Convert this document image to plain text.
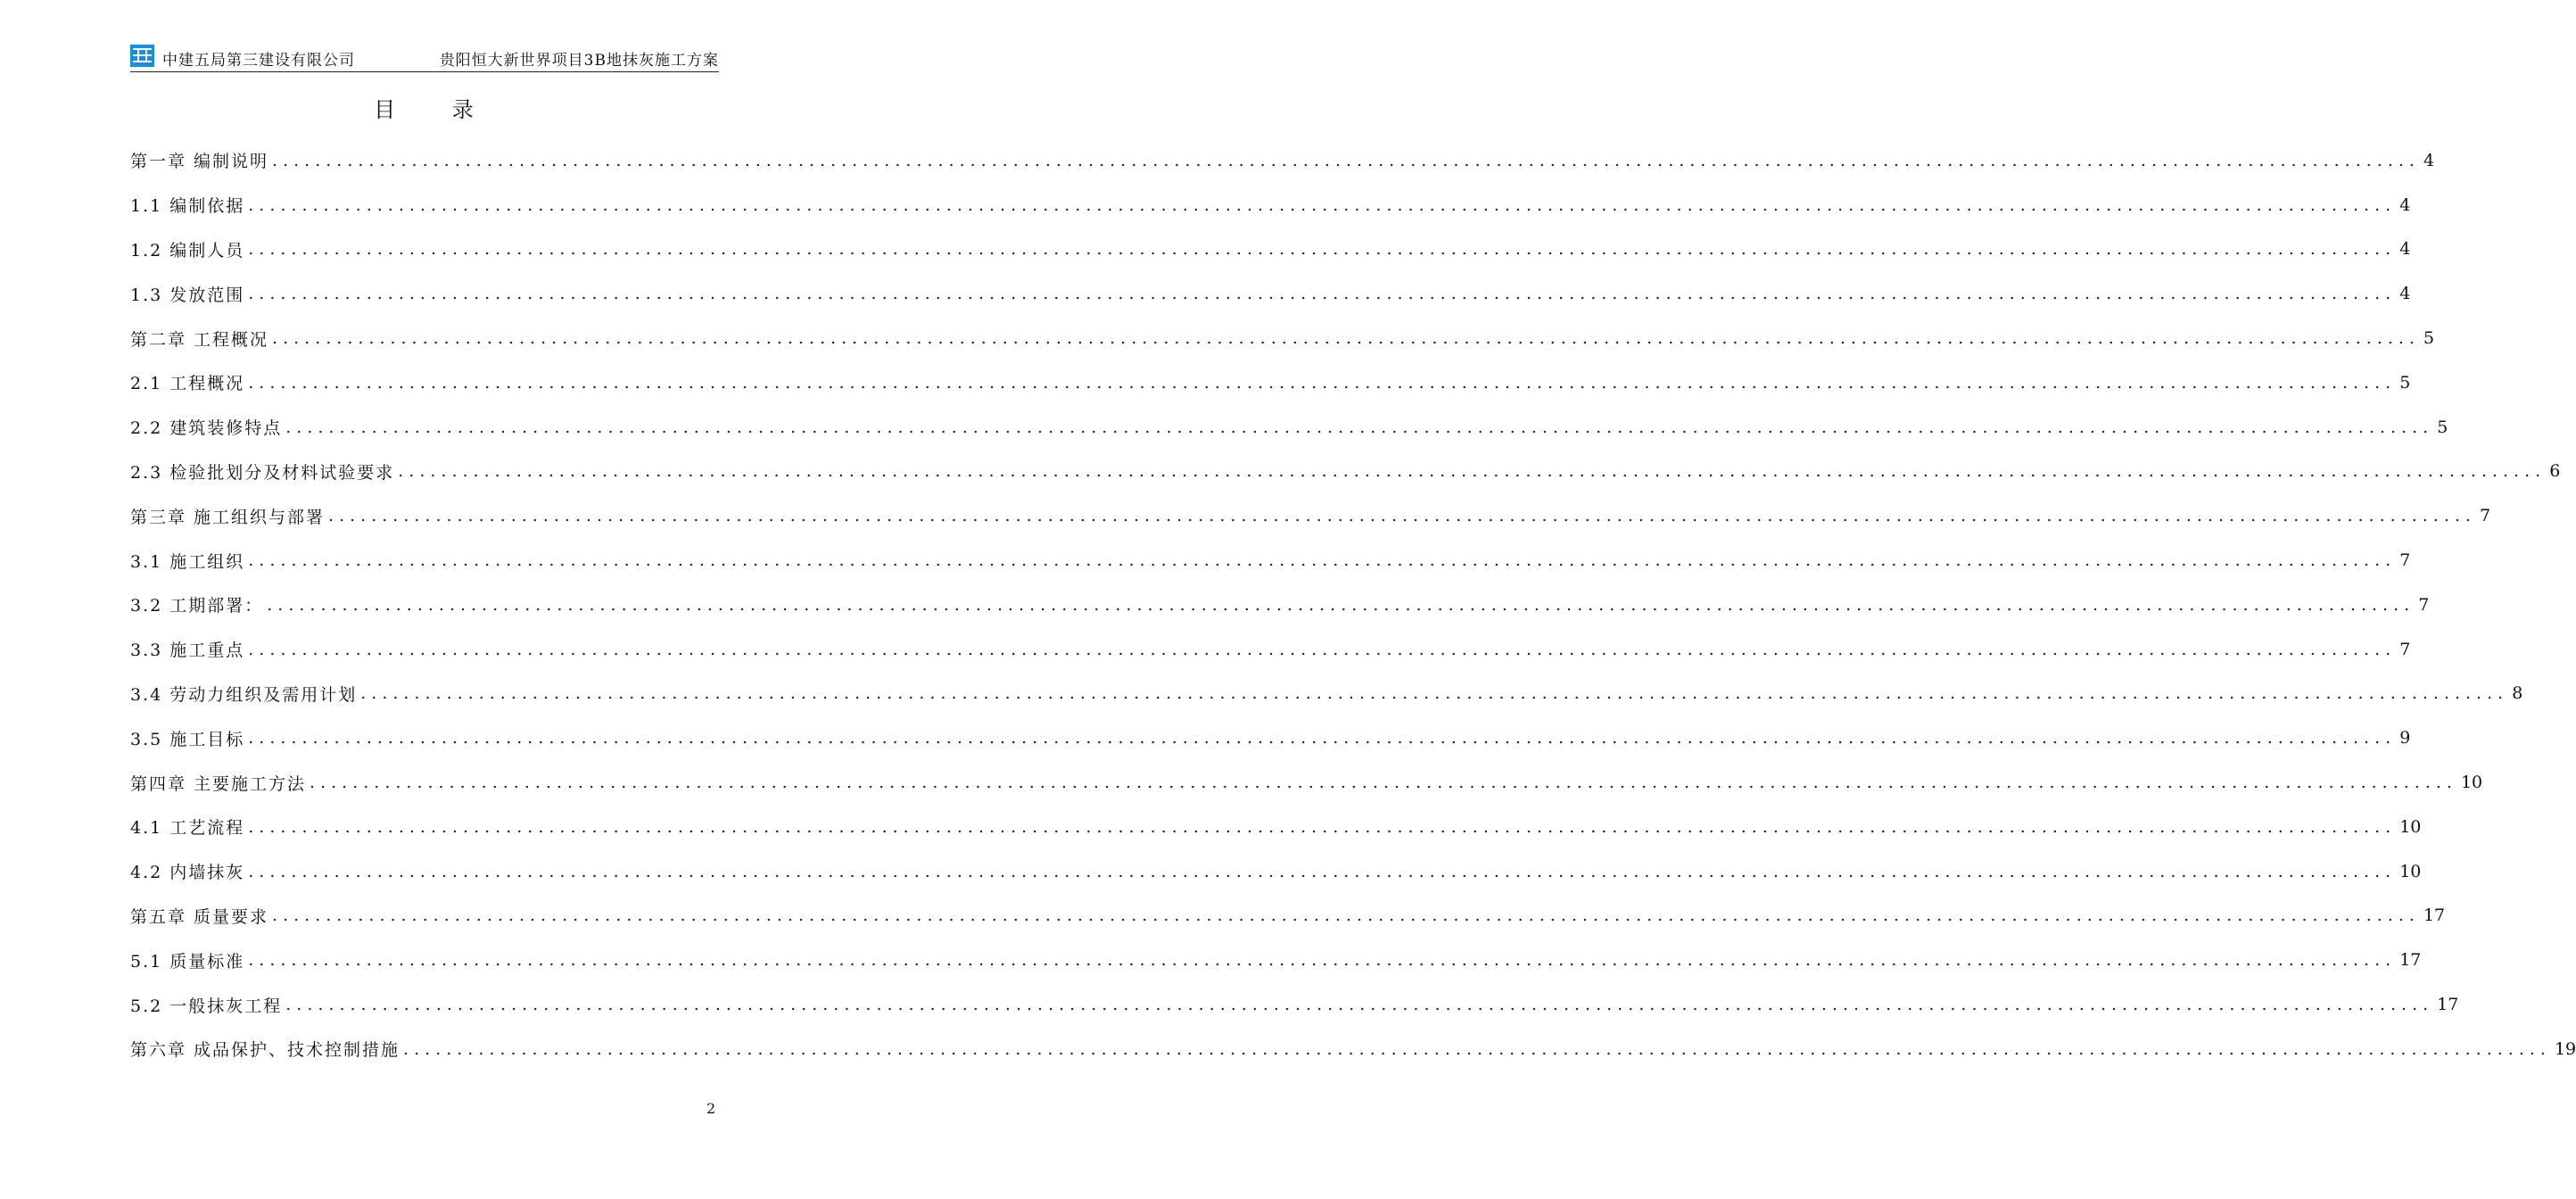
中建五局第三建设有限公司	贵阳恒大新世界项目3B地抹灰施工方案
目 录
第一章 编制说明 ........................................................................................................................................................................................................ 4
1.1 编制依据 ........................................................................................................................................................................................................ 4
1.2 编制人员 ........................................................................................................................................................................................................ 4
1.3 发放范围 ........................................................................................................................................................................................................ 4
第二章 工程概况 ........................................................................................................................................................................................................ 5
2.1 工程概况 ........................................................................................................................................................................................................ 5
2.2 建筑装修特点 ........................................................................................................................................................................................................ 5
2.3 检验批划分及材料试验要求 ........................................................................................................................................................................................................ 6
第三章 施工组织与部署 ........................................................................................................................................................................................................ 7
3.1 施工组织 ........................................................................................................................................................................................................ 7
3.2 工期部署： ........................................................................................................................................................................................................ 7
3.3 施工重点 ........................................................................................................................................................................................................ 7
3.4 劳动力组织及需用计划 ........................................................................................................................................................................................................ 8
3.5 施工目标 ........................................................................................................................................................................................................ 9
第四章 主要施工方法 ........................................................................................................................................................................................................ 10
4.1 工艺流程 ........................................................................................................................................................................................................ 10
4.2 内墙抹灰 ........................................................................................................................................................................................................ 10
第五章 质量要求 ........................................................................................................................................................................................................ 17
5.1 质量标准 ........................................................................................................................................................................................................ 17
5.2 一般抹灰工程 ........................................................................................................................................................................................................ 17
第六章 成品保护、技术控制措施 ........................................................................................................................................................................................................ 19
2
